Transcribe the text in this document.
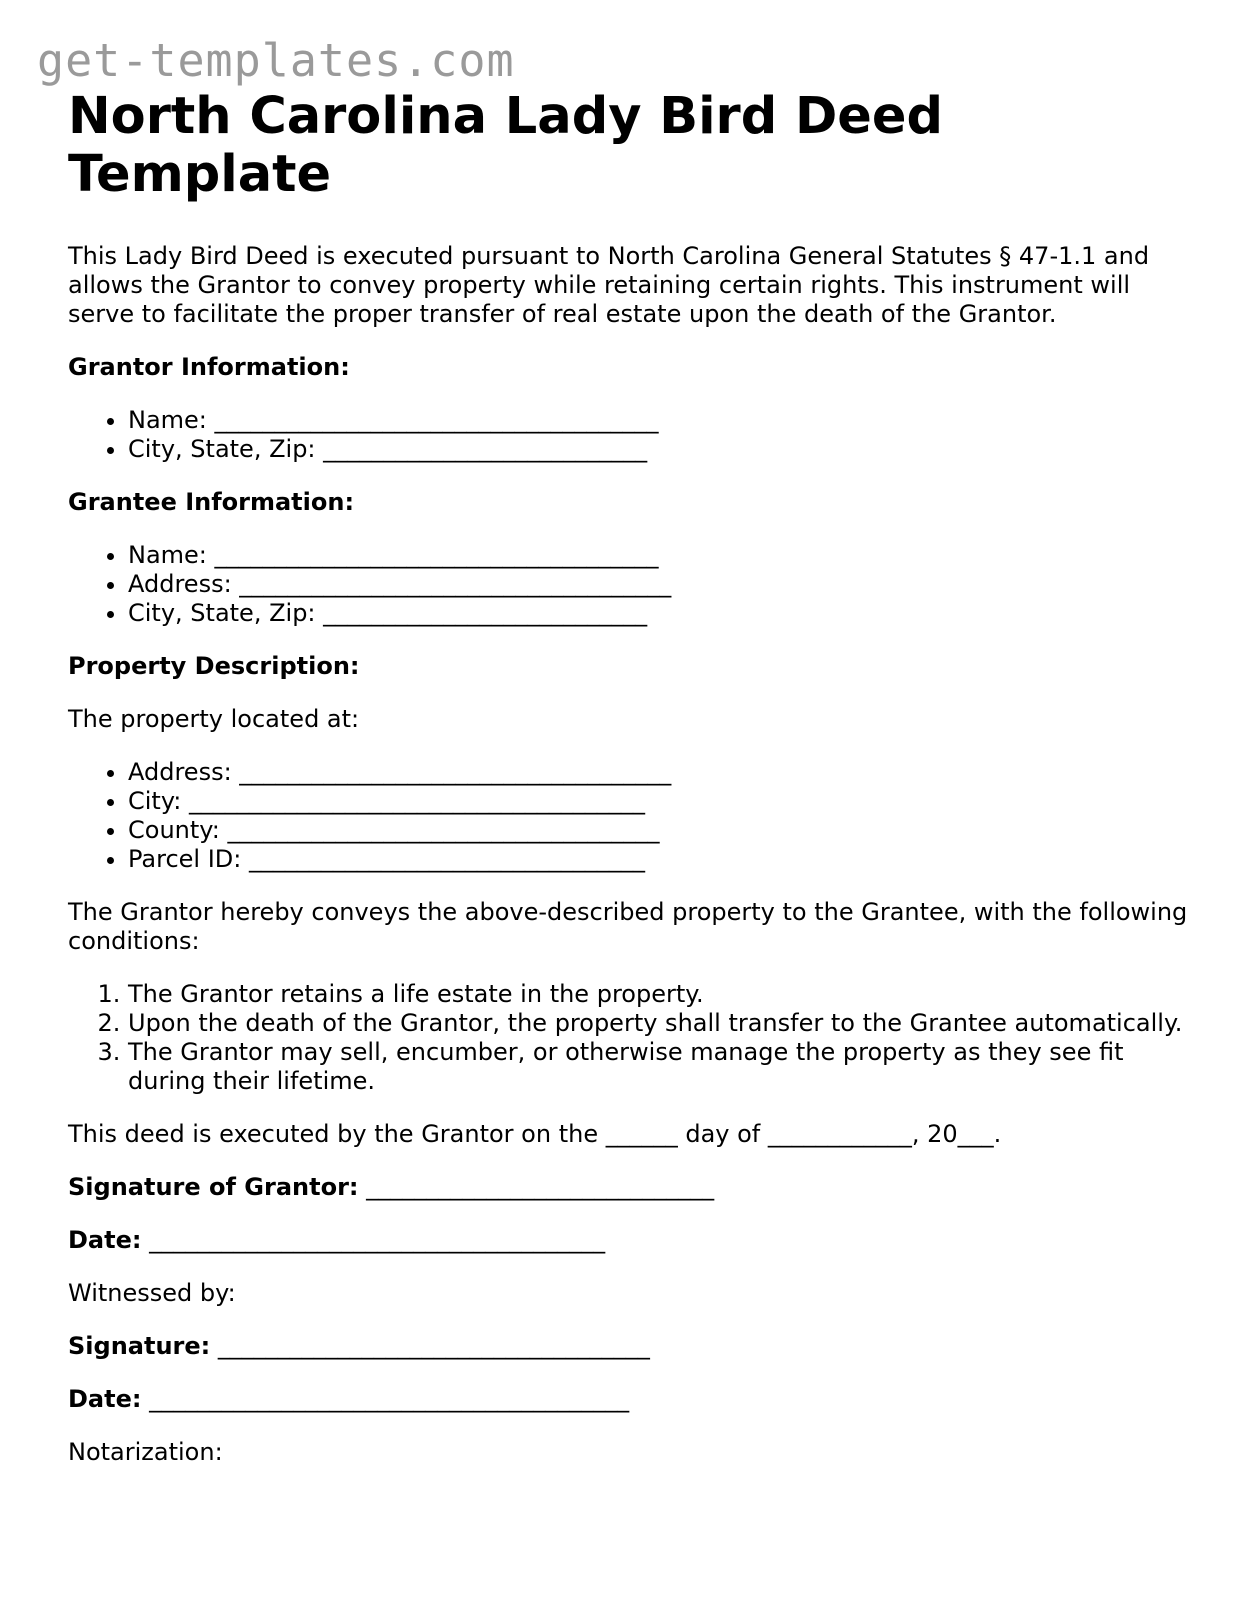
get-templates.com
North Carolina Lady Bird Deed Template

This Lady Bird Deed is executed pursuant to North Carolina General Statutes § 47-1.1 and allows the Grantor to convey property while retaining certain rights. This instrument will serve to facilitate the proper transfer of real estate upon the death of the Grantor.

Grantor Information:

• Name: _____________________________________
• City, State, Zip: ___________________________

Grantee Information:

• Name: _____________________________________
• Address: ____________________________________
• City, State, Zip: ___________________________

Property Description:

The property located at:

• Address: ____________________________________
• City: ______________________________________
• County: ____________________________________
• Parcel ID: _________________________________

The Grantor hereby conveys the above-described property to the Grantee, with the following conditions:

1. The Grantor retains a life estate in the property.
2. Upon the death of the Grantor, the property shall transfer to the Grantee automatically.
3. The Grantor may sell, encumber, or otherwise manage the property as they see fit during their lifetime.

This deed is executed by the Grantor on the ______ day of ____________, 20___.

Signature of Grantor: _____________________________

Date: ______________________________________

Witnessed by:

Signature: ____________________________________

Date: ________________________________________

Notarization:
